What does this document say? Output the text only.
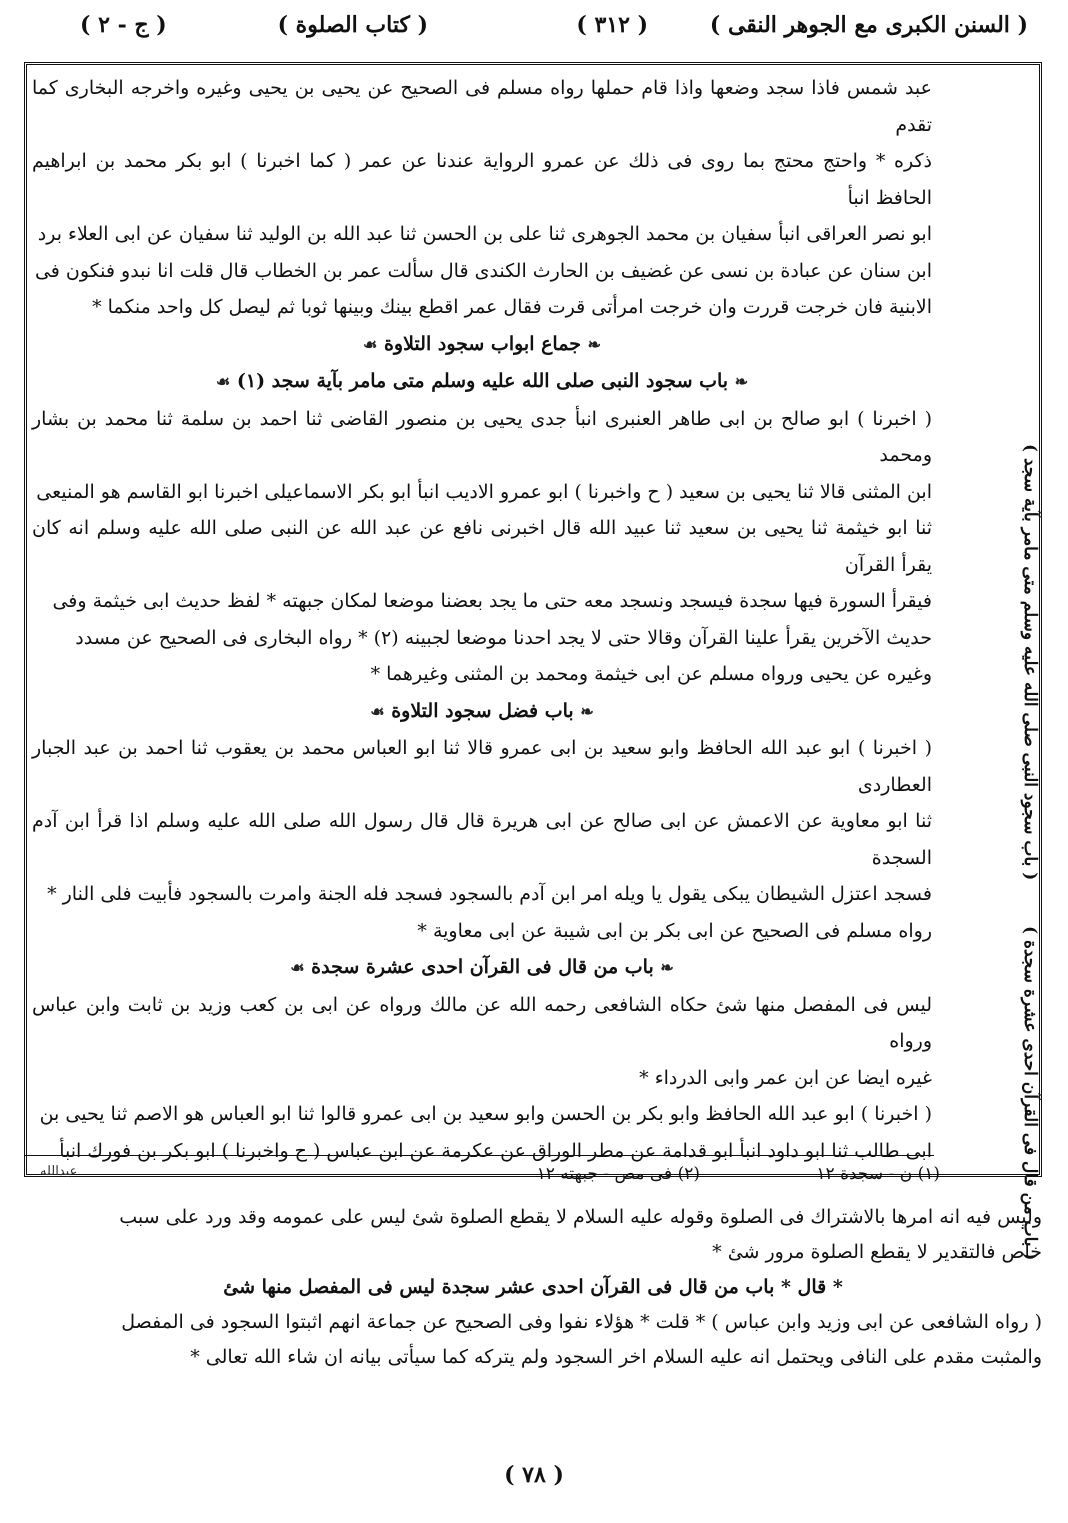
( السنن الكبرى مع الجوهر النقى )
( ٣١٢ )
( كتاب الصلوة )
( ج - ٢ )

عبد شمس فاذا سجد وضعها واذا قام حملها رواه مسلم فى الصحيح عن يحيى بن يحيى وغيره واخرجه البخارى كما تقدم

ذكره * واحتج محتج بما روى فى ذلك عن عمرو الرواية عندنا عن عمر ( كما اخبرنا ) ابو بكر محمد بن ابراهيم الحافظ انبأ

ابو نصر العراقى انبأ سفيان بن محمد الجوهرى ثنا على بن الحسن ثنا عبد الله بن الوليد ثنا سفيان عن ابى العلاء برد

ابن سنان عن عبادة بن نسى عن غضيف بن الحارث الكندى قال سألت عمر بن الخطاب قال قلت انا نبدو فنكون فى

الابنية فان خرجت قررت وان خرجت امرأتى قرت فقال عمر اقطع بينك وبينها ثوبا ثم ليصل كل واحد منكما *

❧ جماع ابواب سجود التلاوة ☙

❧ باب سجود النبى صلى الله عليه وسلم متى مامر بآية سجد (١) ☙

( اخبرنا ) ابو صالح بن ابى طاهر العنبرى انبأ جدى يحيى بن منصور القاضى ثنا احمد بن سلمة ثنا محمد بن بشار ومحمد

ابن المثنى قالا ثنا يحيى بن سعيد ( ح واخبرنا ) ابو عمرو الاديب انبأ ابو بكر الاسماعيلى اخبرنا ابو القاسم هو المنيعى

ثنا ابو خيثمة ثنا يحيى بن سعيد ثنا عبيد الله قال اخبرنى نافع عن عبد الله عن النبى صلى الله عليه وسلم انه كان يقرأ القرآن

فيقرأ السورة فيها سجدة فيسجد ونسجد معه حتى ما يجد بعضنا موضعا لمكان جبهته * لفظ حديث ابى خيثمة وفى

حديث الآخرين يقرأ علينا القرآن وقالا حتى لا يجد احدنا موضعا لجبينه (٢) * رواه البخارى فى الصحيح عن مسدد

وغيره عن يحيى ورواه مسلم عن ابى خيثمة ومحمد بن المثنى وغيرهما *

❧ باب فضل سجود التلاوة ☙

( اخبرنا ) ابو عبد الله الحافظ وابو سعيد بن ابى عمرو قالا ثنا ابو العباس محمد بن يعقوب ثنا احمد بن عبد الجبار العطاردى

ثنا ابو معاوية عن الاعمش عن ابى صالح عن ابى هريرة قال قال رسول الله صلى الله عليه وسلم اذا قرأ ابن آدم السجدة

فسجد اعتزل الشيطان يبكى يقول يا ويله امر ابن آدم بالسجود فسجد فله الجنة وامرت بالسجود فأبيت فلى النار *

رواه مسلم فى الصحيح عن ابى بكر بن ابى شيبة عن ابى معاوية *

❧ باب من قال فى القرآن احدى عشرة سجدة ☙

ليس فى المفصل منها شئ حكاه الشافعى رحمه الله عن مالك ورواه عن ابى بن كعب وزيد بن ثابت وابن عباس ورواه

غيره ايضا عن ابن عمر وابى الدرداء *

( اخبرنا ) ابو عبد الله الحافظ وابو بكر بن الحسن وابو سعيد بن ابى عمرو قالوا ثنا ابو العباس هو الاصم ثنا يحيى بن

ابى طالب ثنا ابو داود انبأ ابو قدامة عن مطر الوراق عن عكرمة عن ابن عباس ( ح واخبرنا ) ابو بكر بن فورك انبأ

( باب سجود النبى صلى الله عليه وسلم متى مامر بآية سجد )
( باب من قال فى القرآن احدى عشرة سجدة )
(١) ن - سجدة ١٢
(٢) فى مص - جبهته ١٢
عبدالله

وليس فيه انه امرها بالاشتراك فى الصلوة وقوله عليه السلام لا يقطع الصلوة شئ ليس على عمومه وقد ورد على سبب

خاص فالتقدير لا يقطع الصلوة مرور شئ *

* قال * باب من قال فى القرآن احدى عشر سجدة ليس فى المفصل منها شئ

( رواه الشافعى عن ابى وزيد وابن عباس ) * قلت * هؤلاء نفوا وفى الصحيح عن جماعة انهم اثبتوا السجود فى المفصل

والمثبت مقدم على النافى ويحتمل انه عليه السلام اخر السجود ولم يتركه كما سيأتى بيانه ان شاء الله تعالى *

( ٧٨ )
